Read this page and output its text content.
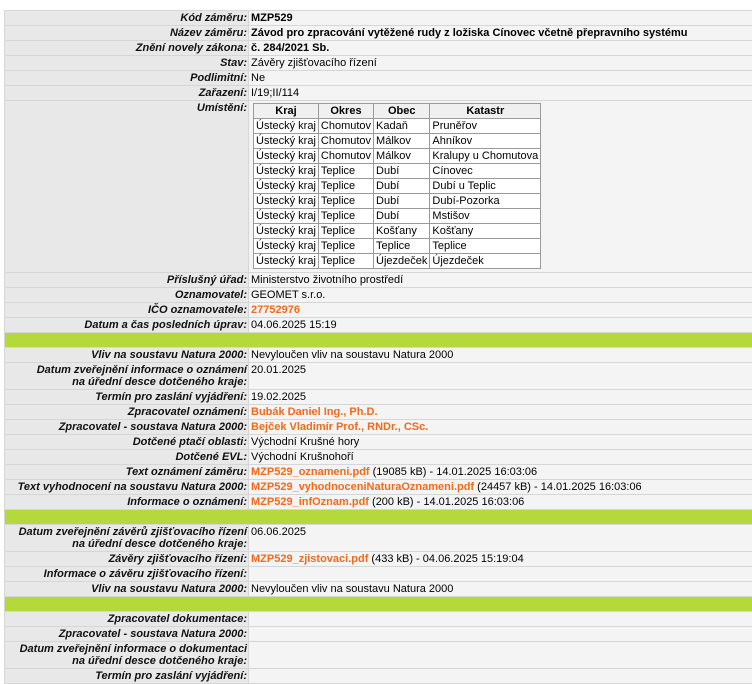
Kód záměru:	MZP529
Název záměru:	Závod pro zpracování vytěžené rudy z ložiska Cínovec včetně přepravního systému
Znění novely zákona:	č. 284/2021 Sb.
Stav:	Závěry zjišťovacího řízení
Podlimitní:	Ne
Zařazení:	I/19;II/114
Umístění:		Kraj	Okres	Obec	Katastr
Ústecký kraj	Chomutov	Kadaň	Pruněřov
Ústecký kraj	Chomutov	Málkov	Ahníkov
Ústecký kraj	Chomutov	Málkov	Kralupy u Chomutova
Ústecký kraj	Teplice	Dubí	Cínovec
Ústecký kraj	Teplice	Dubí	Dubí u Teplic
Ústecký kraj	Teplice	Dubí	Dubí-Pozorka
Ústecký kraj	Teplice	Dubí	Mstišov
Ústecký kraj	Teplice	Košťany	Košťany
Ústecký kraj	Teplice	Teplice	Teplice
Ústecký kraj	Teplice	Újezdeček	Újezdeček

Příslušný úřad:	Ministerstvo životního prostředí
Oznamovatel:	GEOMET s.r.o.
IČO oznamovatele:	27752976
Datum a čas posledních úprav:	04.06.2025 15:19

Vliv na soustavu Natura 2000:	Nevyloučen vliv na soustavu Natura 2000
Datum zveřejnění informace o oznámení
na úřední desce dotčeného kraje:	20.01.2025
Termín pro zaslání vyjádření:	19.02.2025
Zpracovatel oznámení:	Bubák Daniel Ing., Ph.D.
Zpracovatel - soustava Natura 2000:	Bejček Vladimír Prof., RNDr., CSc.
Dotčené ptačí oblasti:	Východní Krušné hory
Dotčené EVL:	Východní Krušnohoří
Text oznámení záměru:	MZP529_oznameni.pdf (19085 kB) - 14.01.2025 16:03:06
Text vyhodnocení na soustavu Natura 2000:	MZP529_vyhodnoceniNaturaOznameni.pdf (24457 kB) - 14.01.2025 16:03:06
Informace o oznámení:	MZP529_infOznam.pdf (200 kB) - 14.01.2025 16:03:06

Datum zveřejnění závěrů zjišťovacího řízení
na úřední desce dotčeného kraje:	06.06.2025
Závěry zjišťovacího řízení:	MZP529_zjistovaci.pdf (433 kB) - 04.06.2025 15:19:04
Informace o závěru zjišťovacího řízení:	
Vliv na soustavu Natura 2000:	Nevyloučen vliv na soustavu Natura 2000

Zpracovatel dokumentace:	
Zpracovatel - soustava Natura 2000:	
Datum zveřejnění informace o dokumentaci
na úřední desce dotčeného kraje:	
Termín pro zaslání vyjádření:	
